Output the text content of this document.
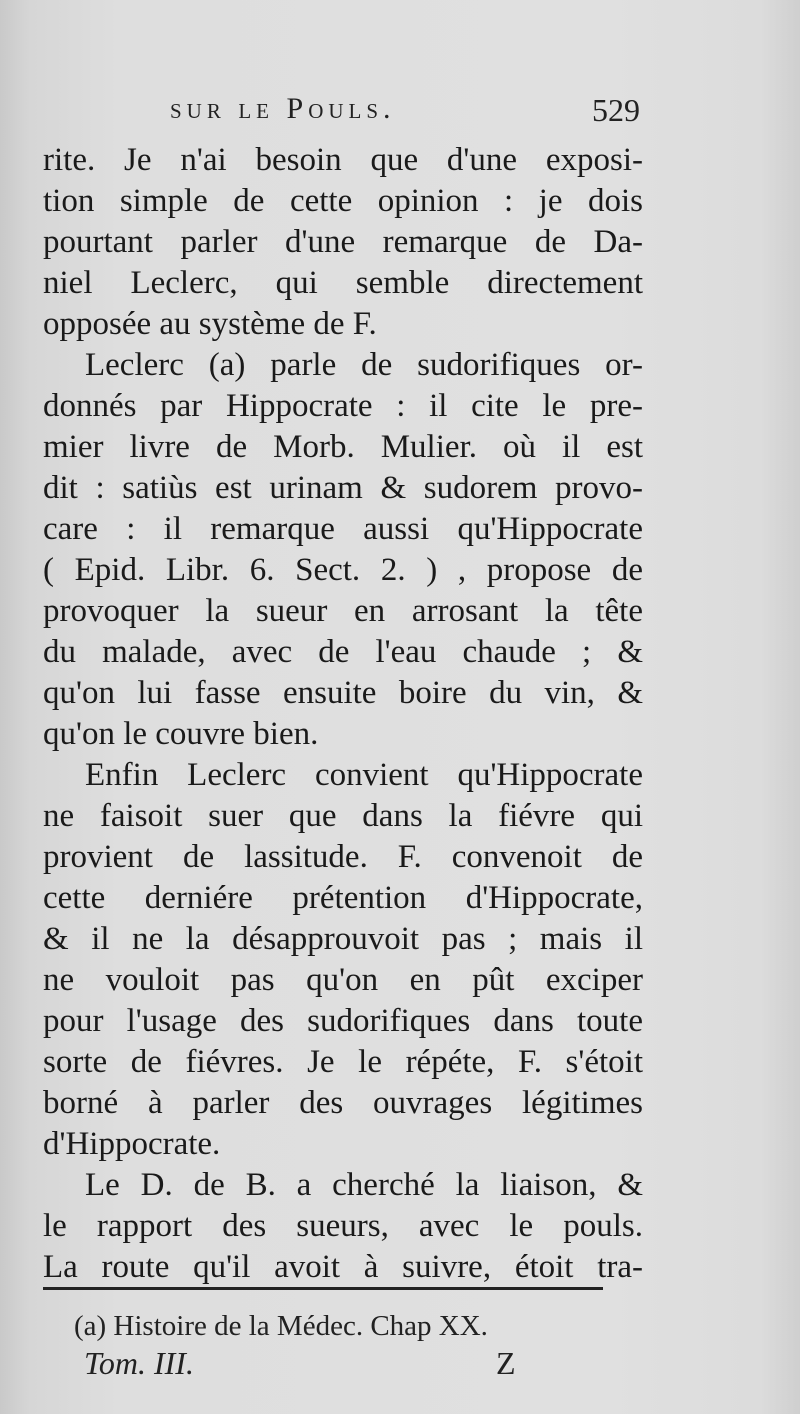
sur le Pouls.	529
rite. Je n'ai besoin que d'une exposi-
tion simple de cette opinion : je dois
pourtant parler d'une remarque de Da-
niel Leclerc, qui semble directement
opposée au système de F.
Leclerc (a) parle de sudorifiques or-
donnés par Hippocrate : il cite le pre-
mier livre de Morb. Mulier. où il est
dit : satiùs est urinam & sudorem provo-
care : il remarque aussi qu'Hippocrate
( Epid. Libr. 6. Sect. 2. ) , propose de
provoquer la sueur en arrosant la tête
du malade, avec de l'eau chaude ; &
qu'on lui fasse ensuite boire du vin, &
qu'on le couvre bien.
Enfin Leclerc convient qu'Hippocrate
ne faisoit suer que dans la fiévre qui
provient de lassitude. F. convenoit de
cette derniére prétention d'Hippocrate,
& il ne la désapprouvoit pas ; mais il
ne vouloit pas qu'on en pût exciper
pour l'usage des sudorifiques dans toute
sorte de fiévres. Je le répéte, F. s'étoit
borné à parler des ouvrages légitimes
d'Hippocrate.
Le D. de B. a cherché la liaison, &
le rapport des sueurs, avec le pouls.
La route qu'il avoit à suivre, étoit tra-
(a) Histoire de la Médec. Chap XX.
Tom. III.	Z
